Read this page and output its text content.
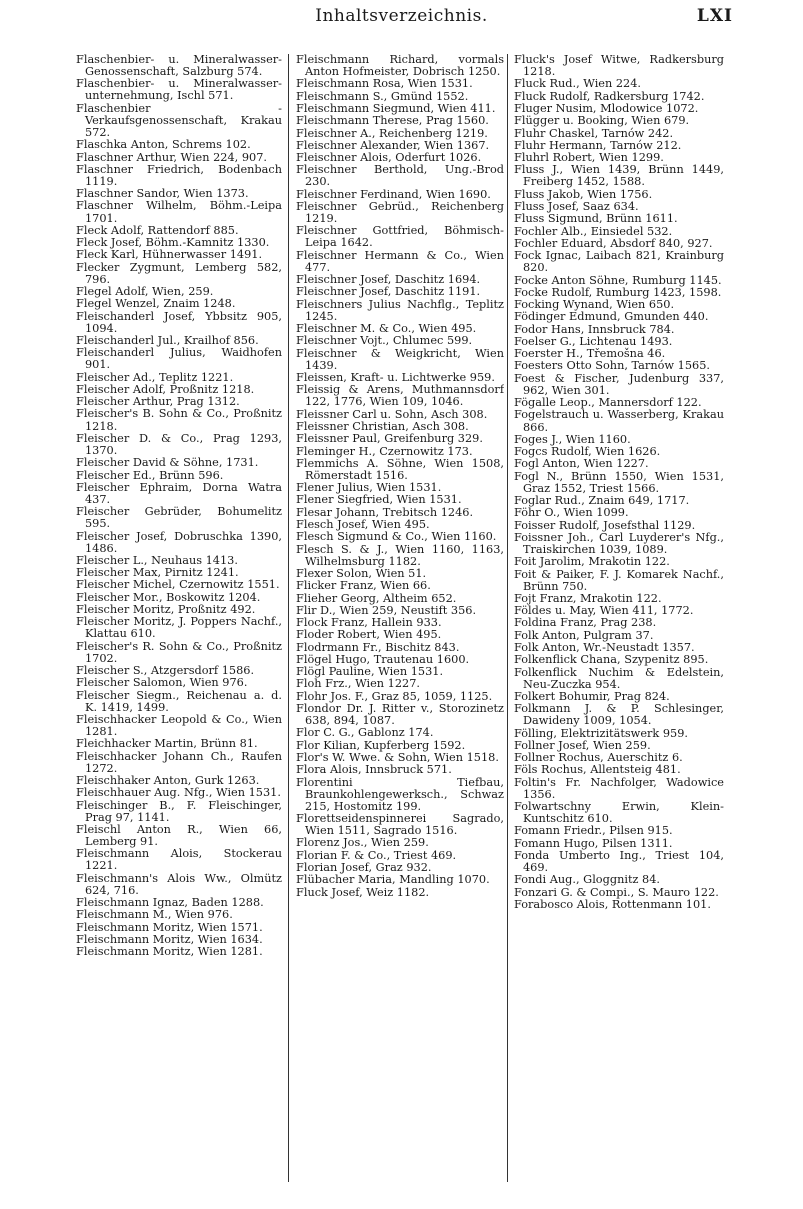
Inhaltsverzeichnis.	LXI

Flaschenbier- u. Mineralwasser-Genossenschaft, Salzburg 574.

Flaschenbier- u. Mineralwasser-unternehmung, Ischl 571.

Flaschenbier - Verkaufsgenossenschaft, Krakau 572.

Flaschka Anton, Schrems 102.

Flaschner Arthur, Wien 224, 907.

Flaschner Friedrich, Bodenbach 1119.

Flaschner Sandor, Wien 1373.

Flaschner Wilhelm, Böhm.-Leipa 1701.

Fleck Adolf, Rattendorf 885.

Fleck Josef, Böhm.-Kamnitz 1330.

Fleck Karl, Hühnerwasser 1491.

Flecker Zygmunt, Lemberg 582, 796.

Flegel Adolf, Wien, 259.

Flegel Wenzel, Znaim 1248.

Fleischanderl Josef, Ybbsitz 905, 1094.

Fleischanderl Jul., Krailhof 856.

Fleischanderl Julius, Waidhofen 901.

Fleischer Ad., Teplitz 1221.

Fleischer Adolf, Proßnitz 1218.

Fleischer Arthur, Prag 1312.

Fleischer's B. Sohn & Co., Proßnitz 1218.

Fleischer D. & Co., Prag 1293, 1370.

Fleischer David & Söhne, 1731.

Fleischer Ed., Brünn 596.

Fleischer Ephraim, Dorna Watra 437.

Fleischer Gebrüder, Bohumelitz 595.

Fleischer Josef, Dobruschka 1390, 1486.

Fleischer L., Neuhaus 1413.

Fleischer Max, Pirnitz 1241.

Fleischer Michel, Czernowitz 1551.

Fleischer Mor., Boskowitz 1204.

Fleischer Moritz, Proßnitz 492.

Fleischer Moritz, J. Poppers Nachf., Klattau 610.

Fleischer's R. Sohn & Co., Proßnitz 1702.

Fleischer S., Atzgersdorf 1586.

Fleischer Salomon, Wien 976.

Fleischer Siegm., Reichenau a. d. K. 1419, 1499.

Fleischhacker Leopold & Co., Wien 1281.

Fleichhacker Martin, Brünn 81.

Fleischhacker Johann Ch., Raufen 1272.

Fleischhaker Anton, Gurk 1263.

Fleischhauer Aug. Nfg., Wien 1531.

Fleischinger B., F. Fleischinger, Prag 97, 1141.

Fleischl Anton R., Wien 66, Lemberg 91.

Fleischmann Alois, Stockerau 1221.

Fleischmann's Alois Ww., Olmütz 624, 716.

Fleischmann Ignaz, Baden 1288.

Fleischmann M., Wien 976.

Fleischmann Moritz, Wien 1571.

Fleischmann Moritz, Wien 1634.

Fleischmann Moritz, Wien 1281.

Fleischmann Richard, vormals Anton Hofmeister, Dobrisch 1250.

Fleischmann Rosa, Wien 1531.

Fleischmann S., Gmünd 1552.

Fleischmann Siegmund, Wien 411.

Fleischmann Therese, Prag 1560.

Fleischner A., Reichenberg 1219.

Fleischner Alexander, Wien 1367.

Fleischner Alois, Oderfurt 1026.

Fleischner Berthold, Ung.-Brod 230.

Fleischner Ferdinand, Wien 1690.

Fleischner Gebrüd., Reichenberg 1219.

Fleischner Gottfried, Böhmisch-Leipa 1642.

Fleischner Hermann & Co., Wien 477.

Fleischner Josef, Daschitz 1694.

Fleischner Josef, Daschitz 1191.

Fleischners Julius Nachflg., Teplitz 1245.

Fleischner M. & Co., Wien 495.

Fleischner Vojt., Chlumec 599.

Fleischner & Weigkricht, Wien 1439.

Fleissen, Kraft- u. Lichtwerke 959.

Fleissig & Arens, Muthmannsdorf 122, 1776, Wien 109, 1046.

Fleissner Carl u. Sohn, Asch 308.

Fleissner Christian, Asch 308.

Fleissner Paul, Greifenburg 329.

Fleminger H., Czernowitz 173.

Flemmichs A. Söhne, Wien 1508, Römerstadt 1516.

Flener Julius, Wien 1531.

Flener Siegfried, Wien 1531.

Flesar Johann, Trebitsch 1246.

Flesch Josef, Wien 495.

Flesch Sigmund & Co., Wien 1160.

Flesch S. & J., Wien 1160, 1163, Wilhelmsburg 1182.

Flexer Solon, Wien 51.

Flicker Franz, Wien 66.

Flieher Georg, Altheim 652.

Flir D., Wien 259, Neustift 356.

Flock Franz, Hallein 933.

Floder Robert, Wien 495.

Flodrmann Fr., Bischitz 843.

Flögel Hugo, Trautenau 1600.

Flögl Pauline, Wien 1531.

Floh Frz., Wien 1227.

Flohr Jos. F., Graz 85, 1059, 1125.

Flondor Dr. J. Ritter v., Storozinetz 638, 894, 1087.

Flor C. G., Gablonz 174.

Flor Kilian, Kupferberg 1592.

Flor's W. Wwe. & Sohn, Wien 1518.

Flora Alois, Innsbruck 571.

Florentini Tiefbau, Braunkohlengewerksch., Schwaz 215, Hostomitz 199.

Florettseidenspinnerei Sagrado, Wien 1511, Sagrado 1516.

Florenz Jos., Wien 259.

Florian F. & Co., Triest 469.

Florian Josef, Graz 932.

Flübacher Maria, Mandling 1070.

Fluck Josef, Weiz 1182.

Fluck's Josef Witwe, Radkersburg 1218.

Fluck Rud., Wien 224.

Fluck Rudolf, Radkersburg 1742.

Fluger Nusim, Mlodowice 1072.

Flügger u. Booking, Wien 679.

Fluhr Chaskel, Tarnów 242.

Fluhr Hermann, Tarnów 212.

Fluhrl Robert, Wien 1299.

Fluss J., Wien 1439, Brünn 1449, Freiberg 1452, 1588.

Fluss Jakob, Wien 1756.

Fluss Josef, Saaz 634.

Fluss Sigmund, Brünn 1611.

Fochler Alb., Einsiedel 532.

Fochler Eduard, Absdorf 840, 927.

Fock Ignac, Laibach 821, Krainburg 820.

Focke Anton Söhne, Rumburg 1145.

Focke Rudolf, Rumburg 1423, 1598.

Focking Wynand, Wien 650.

Födinger Edmund, Gmunden 440.

Fodor Hans, Innsbruck 784.

Foelser G., Lichtenau 1493.

Foerster H., Třemošna 46.

Foesters Otto Sohn, Tarnów 1565.

Foest & Fischer, Judenburg 337, 962, Wien 301.

Fögalle Leop., Mannersdorf 122.

Fogelstrauch u. Wasserberg, Krakau 866.

Foges J., Wien 1160.

Fogcs Rudolf, Wien 1626.

Fogl Anton, Wien 1227.

Fogl N., Brünn 1550, Wien 1531, Graz 1552, Triest 1566.

Foglar Rud., Znaim 649, 1717.

Föhr O., Wien 1099.

Foisser Rudolf, Josefsthal 1129.

Foissner Joh., Carl Luyderer's Nfg., Traiskirchen 1039, 1089.

Foit Jarolim, Mrakotin 122.

Foit & Paiker, F. J. Komarek Nachf., Brünn 750.

Fojt Franz, Mrakotin 122.

Földes u. May, Wien 411, 1772.

Foldina Franz, Prag 238.

Folk Anton, Pulgram 37.

Folk Anton, Wr.-Neustadt 1357.

Folkenflick Chana, Szypenitz 895.

Folkenflick Nuchim & Edelstein, Neu-Zuczka 954.

Folkert Bohumir, Prag 824.

Folkmann J. & P. Schlesinger, Dawideny 1009, 1054.

Fölling, Elektrizitätswerk 959.

Follner Josef, Wien 259.

Follner Rochus, Auerschitz 6.

Föls Rochus, Allentsteig 481.

Foltin's Fr. Nachfolger, Wadowice 1356.

Folwartschny Erwin, Klein-Kuntschitz 610.

Fomann Friedr., Pilsen 915.

Fomann Hugo, Pilsen 1311.

Fonda Umberto Ing., Triest 104, 469.

Fondi Aug., Gloggnitz 84.

Fonzari G. & Compi., S. Mauro 122.

Forabosco Alois, Rottenmann 101.
